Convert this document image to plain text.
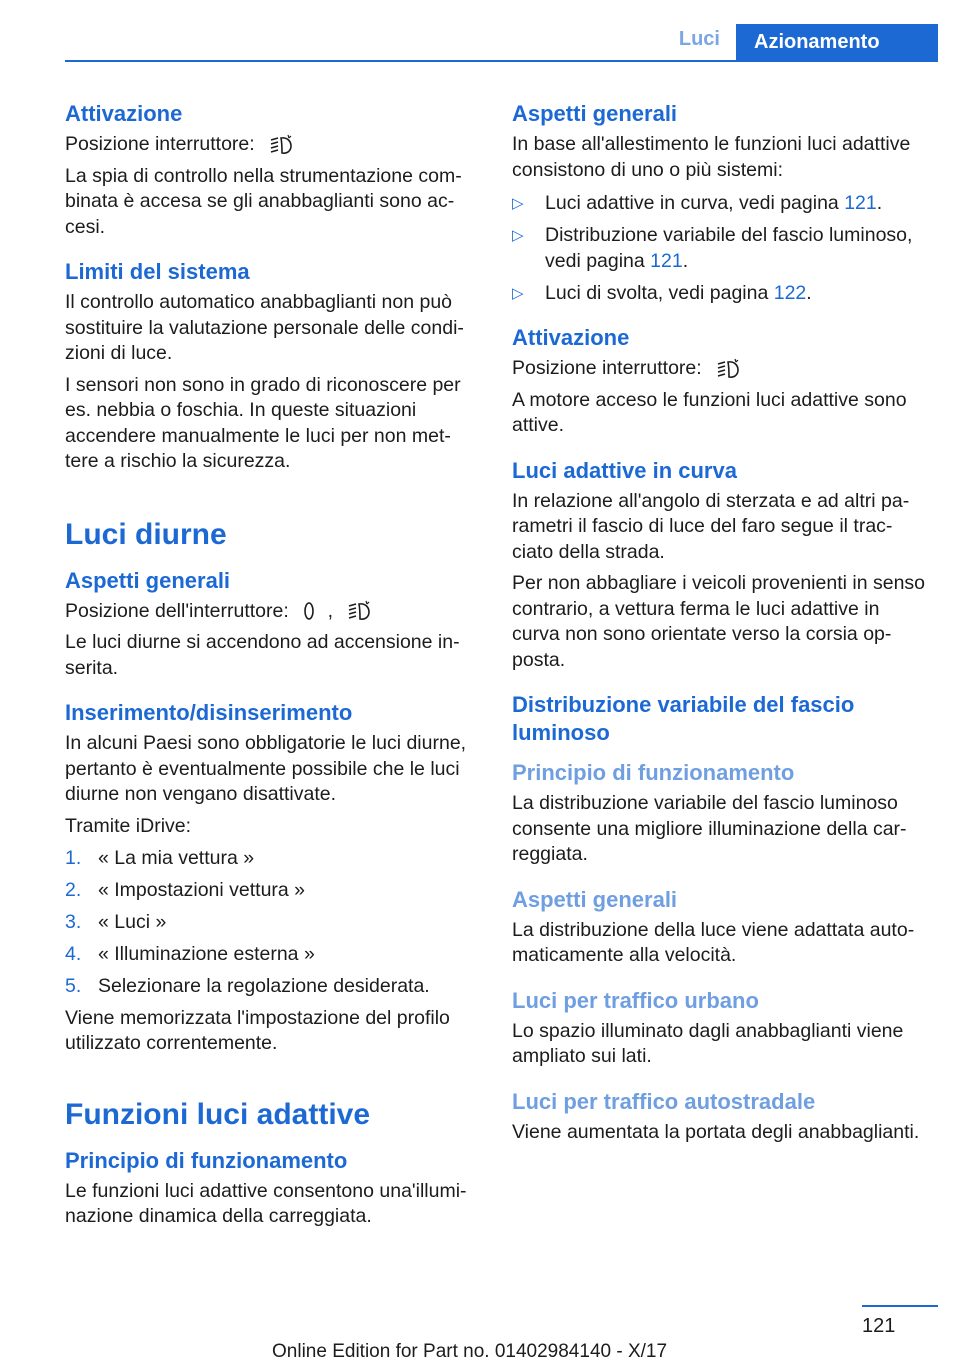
Luci	Azionamento
Attivazione

Posizione interruttore:

La spia di controllo nella strumentazione com-binata è accesa se gli anabbaglianti sono ac-cesi.

Limiti del sistema

Il controllo automatico anabbaglianti non può sostituire la valutazione personale delle condi-zioni di luce.

I sensori non sono in grado di riconoscere per es. nebbia o foschia. In queste situazioni accendere manualmente le luci per non met-tere a rischio la sicurezza.

Luci diurne
Aspetti generali

Posizione dell'interruttore: ,

Le luci diurne si accendono ad accensione in-serita.

Inserimento/disinserimento

In alcuni Paesi sono obbligatorie le luci diurne, pertanto è eventualmente possibile che le luci diurne non vengano disattivate.

Tramite iDrive:

1. « La mia vettura »
2. « Impostazioni vettura »
3. « Luci »
4. « Illuminazione esterna »
5. Selezionare la regolazione desiderata.

Viene memorizzata l'impostazione del profilo utilizzato correntemente.

Funzioni luci adattive
Principio di funzionamento

Le funzioni luci adattive consentono una'illumi-nazione dinamica della carreggiata.

Aspetti generali

In base all'allestimento le funzioni luci adattive consistono di uno o più sistemi:

▷ Luci adattive in curva, vedi pagina 121.
▷ Distribuzione variabile del fascio luminoso, vedi pagina 121.
▷ Luci di svolta, vedi pagina 122.
Attivazione

Posizione interruttore:

A motore acceso le funzioni luci adattive sono attive.

Luci adattive in curva

In relazione all'angolo di sterzata e ad altri pa-rametri il fascio di luce del faro segue il trac-ciato della strada.

Per non abbagliare i veicoli provenienti in senso contrario, a vettura ferma le luci adattive in curva non sono orientate verso la corsia op-posta.

Distribuzione variabile del fascio luminoso
Principio di funzionamento

La distribuzione variabile del fascio luminoso consente una migliore illuminazione della car-reggiata.

Aspetti generali

La distribuzione della luce viene adattata auto-maticamente alla velocità.

Luci per traffico urbano

Lo spazio illuminato dagli anabbaglianti viene ampliato sui lati.

Luci per traffico autostradale

Viene aumentata la portata degli anabbaglianti.

121
Online Edition for Part no. 01402984140 - X/17
